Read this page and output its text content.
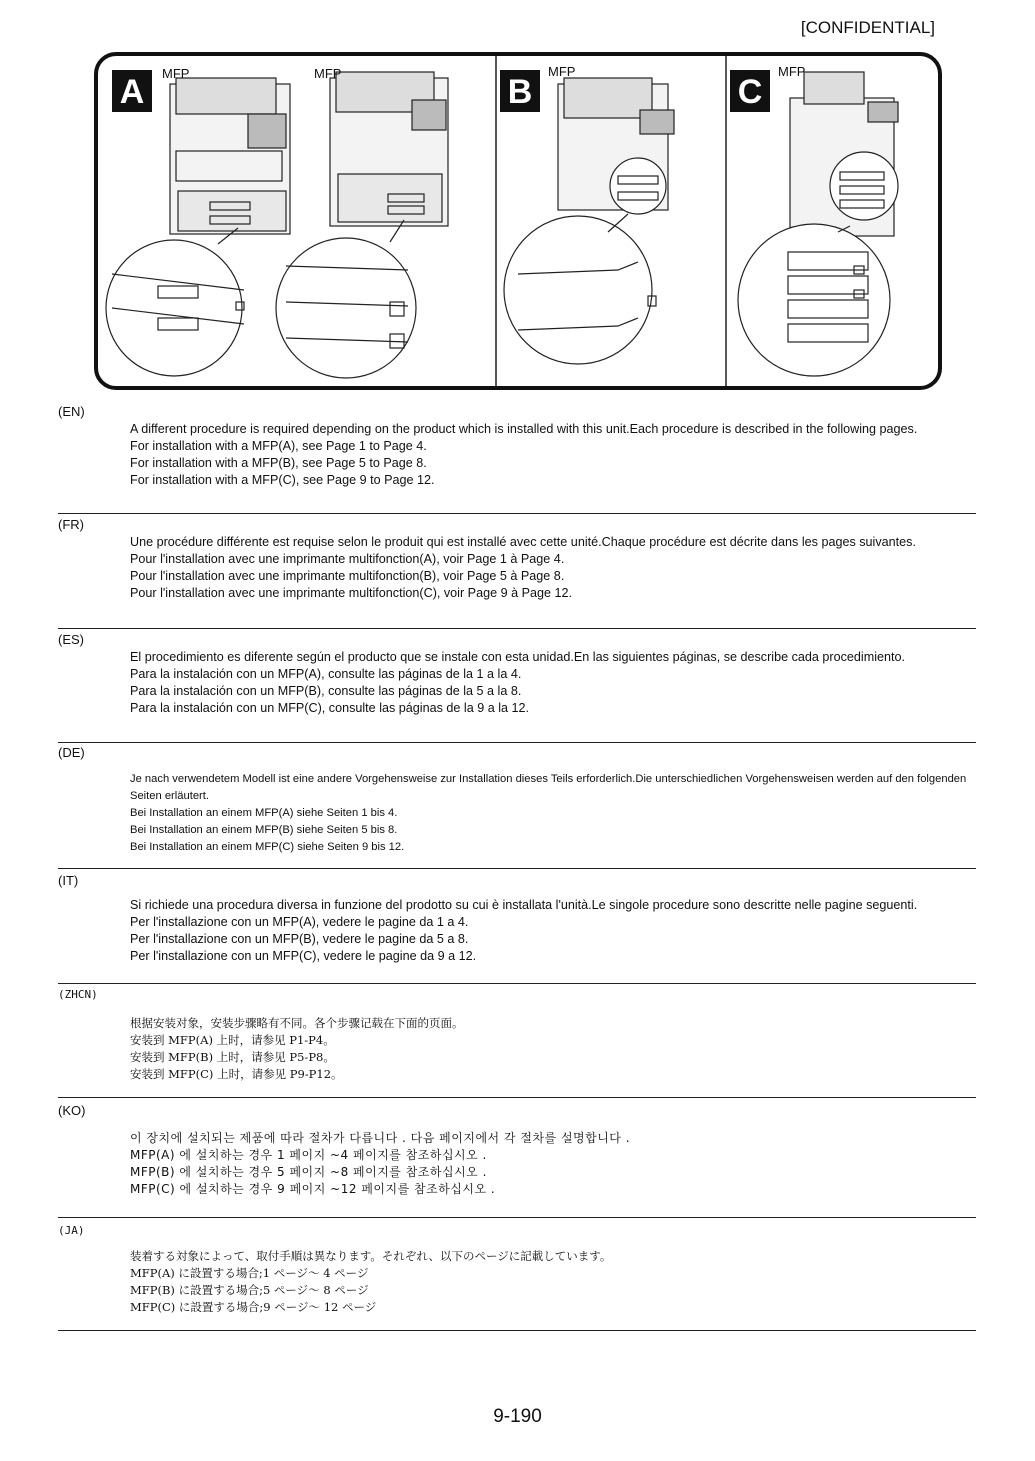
[CONFIDENTIAL]
A	B	C
MFP	MFP	MFP	MFP
(EN)
A different procedure is required depending on the product which is installed with this unit.Each procedure is described in the following pages.
For installation with a MFP(A), see Page 1 to Page 4.
For installation with a MFP(B), see Page 5 to Page 8.
For installation with a MFP(C), see Page 9 to Page 12.
(FR)
Une procédure différente est requise selon le produit qui est installé avec cette unité.Chaque procédure est décrite dans les pages suivantes.
Pour l'installation avec une imprimante multifonction(A), voir Page 1 à Page 4.
Pour l'installation avec une imprimante multifonction(B), voir Page 5 à Page 8.
Pour l'installation avec une imprimante multifonction(C), voir Page 9 à Page 12.
(ES)
El procedimiento es diferente según el producto que se instale con esta unidad.En las siguientes páginas, se describe cada procedimiento.
Para la instalación con un MFP(A), consulte las páginas de la 1 a la 4.
Para la instalación con un MFP(B), consulte las páginas de la 5 a la 8.
Para la instalación con un MFP(C), consulte las páginas de la 9 a la 12.
(DE)
Je nach verwendetem Modell ist eine andere Vorgehensweise zur Installation dieses Teils erforderlich.Die unterschiedlichen Vorgehensweisen werden auf den folgenden Seiten erläutert.
Bei Installation an einem MFP(A) siehe Seiten 1 bis 4.
Bei Installation an einem MFP(B) siehe Seiten 5 bis 8.
Bei Installation an einem MFP(C) siehe Seiten 9 bis 12.
(IT)
Si richiede una procedura diversa in funzione del prodotto su cui è installata l'unità.Le singole procedure sono descritte nelle pagine seguenti.
Per l'installazione con un MFP(A), vedere le pagine da 1 a 4.
Per l'installazione con un MFP(B), vedere le pagine da 5 a 8.
Per l'installazione con un MFP(C), vedere le pagine da 9 a 12.
(ZHCN)
根据安装对象，安装步骤略有不同。各个步骤记载在下面的页面。
安装到 MFP(A) 上时，请参见 P1-P4。
安装到 MFP(B) 上时，请参见 P5-P8。
安装到 MFP(C) 上时，请参见 P9-P12。
(KO)
이 장치에 설치되는 제품에 따라 절차가 다릅니다 . 다음 페이지에서 각 절차를 설명합니다 .
MFP(A) 에 설치하는 경우 1 페이지 ~4 페이지를 참조하십시오 .
MFP(B) 에 설치하는 경우 5 페이지 ~8 페이지를 참조하십시오 .
MFP(C) 에 설치하는 경우 9 페이지 ~12 페이지를 참조하십시오 .
(JA)
装着する対象によって、取付手順は異なります。それぞれ、以下のページに記載しています。
MFP(A) に設置する場合;1 ページ～ 4 ページ
MFP(B) に設置する場合;5 ページ～ 8 ページ
MFP(C) に設置する場合;9 ページ～ 12 ページ
9-190
